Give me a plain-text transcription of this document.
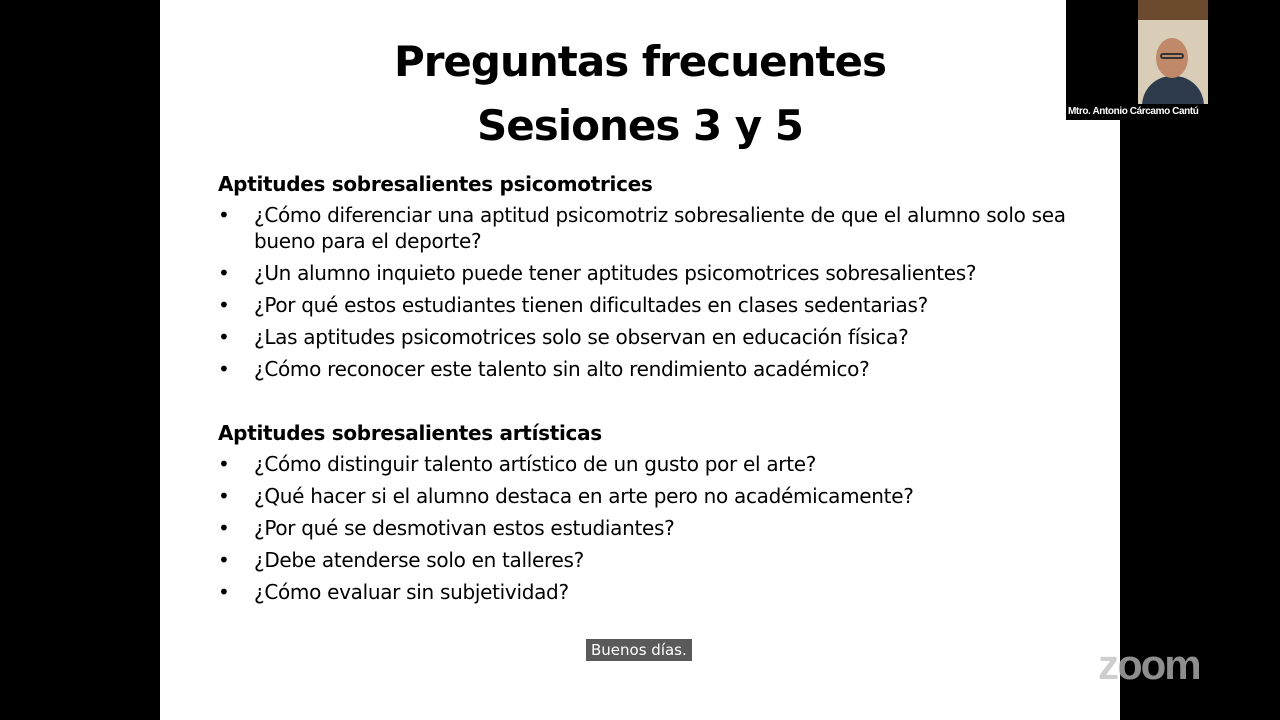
Preguntas frecuentes
Sesiones 3 y 5
Aptitudes sobresalientes psicomotrices
• ¿Cómo diferenciar una aptitud psicomotriz sobresaliente de que el alumno solo sea bueno para el deporte?
• ¿Un alumno inquieto puede tener aptitudes psicomotrices sobresalientes?
• ¿Por qué estos estudiantes tienen dificultades en clases sedentarias?
• ¿Las aptitudes psicomotrices solo se observan en educación física?
• ¿Cómo reconocer este talento sin alto rendimiento académico?
Aptitudes sobresalientes artísticas
• ¿Cómo distinguir talento artístico de un gusto por el arte?
• ¿Qué hacer si el alumno destaca en arte pero no académicamente?
• ¿Por qué se desmotivan estos estudiantes?
• ¿Debe atenderse solo en talleres?
• ¿Cómo evaluar sin subjetividad?
Mtro. Antonio Cárcamo Cantú
Buenos días.	zoom
